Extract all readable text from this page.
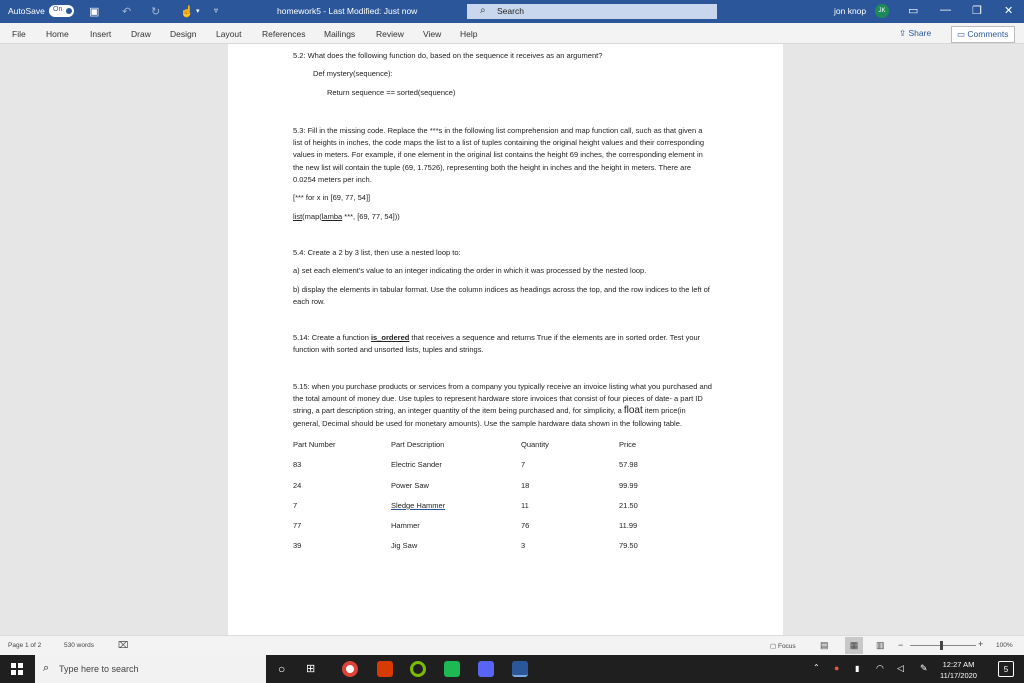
AutoSave	On	▣ ↶ ↻ ☝ ▾ ▿	homework5 - Last Modified: Just now	⌕ Search	jon knop	JK	▭ — ❐ ✕
File Home	Insert Draw Design Layout References Mailings Review View Help	⇪ Share	▭ Comments

5.2: What does the following function do, based on the sequence it receives as an argument?

Def mystery(sequence):

Return sequence == sorted(sequence)

5.3: Fill in the missing code. Replace the ***s in the following list comprehension and map function call, such as that given a list of heights in inches, the code maps the list to a list of tuples containing the original height values and their corresponding values in meters. For example, if one element in the original list contains the height 69 inches, the corresponding element in the new list will contain the tuple (69, 1.7526), representing both the height in inches and the height in meters. There are 0.0254 meters per inch.

[*** for x in [69, 77, 54]]

list(map(lamba ***, [69, 77, 54]))

5.4: Create a 2 by 3 list, then use a nested loop to:

a) set each element's value to an integer indicating the order in which it was processed by the nested loop.

b) display the elements in tabular format. Use the column indices as headings across the top, and the row indices to the left of each row.

5.14: Create a function is_ordered that receives a sequence and returns True if the elements are in sorted order. Test your function with sorted and unsorted lists, tuples and strings.

5.15: when you purchase products or services from a company you typically receive an invoice listing what you purchased and the total amount of money due. Use tuples to represent hardware store invoices that consist of four pieces of date- a part ID string, a part description string, an integer quantity of the item being purchased and, for simplicity, a float item price(in general, Decimal should be used for monetary amounts). Use the sample hardware data shown in the following table.

Part Number	Part Description	Quantity	Price
83	Electric Sander	7	57.98
24	Power Saw	18	99.99
7	Sledge Hammer	11	21.50
77	Hammer	76	11.99
39	Jig Saw	3	79.50
Page 1 of 2	530 words	⌧	▢ Focus	▤	▦	▥ −	+ 100%
⌕ Type here to search	○ ⊞	⌃ ● ▮ ◠ ◁ ✎	12:27 AM
11/17/2020
5
